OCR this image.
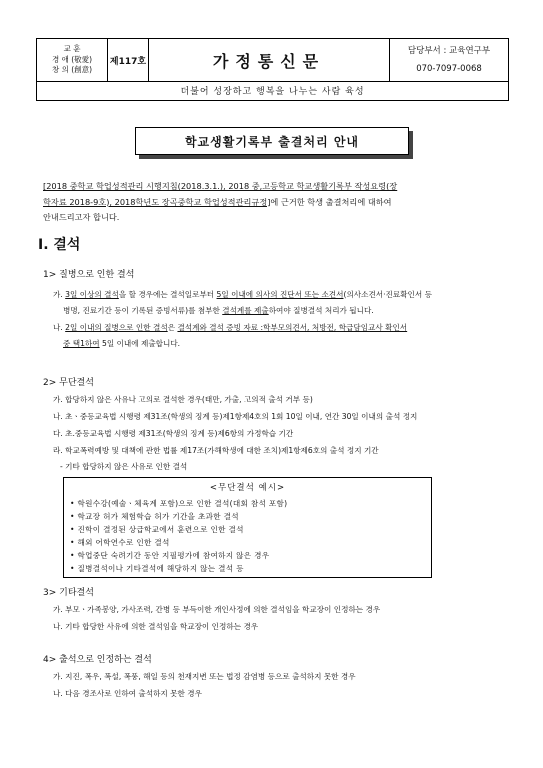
교 훈
경 애 (敬愛)
창 의 (創意)
제117호	가정통신문
담당부서 : 교육연구부
070-7097-0068
더불어 성장하고 행복을 나누는 사람 육성
학교생활기록부 출결처리 안내
[2018 중학교 학업성적관리 시행지침(2018.3.1.), 2018 중,고등학교 학교생활기록부 작성요령(장
학자료 2018-9호), 2018학년도 장곡중학교 학업성적관리규정]에 근거한 학생 출결처리에 대하여
안내드리고자 합니다.
Ⅰ. 결석
1> 질병으로 인한 결석
가. 3일 이상의 결석을 할 경우에는 결석일로부터 5일 이내에 의사의 진단서 또는 소견서(의사소견서·진료확인서 등
병명, 진료기간 등이 기록된 증빙서류)를 첨부한 결석계를 제출하여야 질병결석 처리가 됩니다.
나. 2일 이내의 질병으로 인한 결석은 결석계와 결석 증빙 자료 :학부모의견서, 처방전, 학급담임교사 확인서
중 택1하여 5일 이내에 제출합니다.
2> 무단결석
가. 합당하지 않은 사유나 고의로 결석한 경우(태만, 가출, 고의적 출석 거부 등)
나. 초ㆍ중등교육법 시행령 제31조(학생의 징계 등)제1항제4호의 1회 10일 이내, 연간 30일 이내의 출석 정지
다. 초.중등교육법 시행령 제31조(학생의 징계 등)제6항의 가정학습 기간
라. 학교폭력예방 및 대책에 관한 법률 제17조(가해학생에 대한 조치)제1항제6호의 출석 정지 기간
- 기타 합당하지 않은 사유로 인한 결석
<무단결석 예시>
• 학원수강(예술ㆍ체육계 포함)으로 인한 결석(대회 참석 포함)
• 학교장 허가 체험학습 허가 기간을 초과한 결석
• 진학이 결정된 상급학교에서 훈련으로 인한 결석
• 해외 어학연수로 인한 결석
• 학업중단 숙려기간 동안 지필평가에 참여하지 않은 경우
• 질병결석이나 기타결석에 해당하지 않는 결석 등
3> 기타결석
가. 부모ㆍ가족봉양, 가사조력, 간병 등 부득이한 개인사정에 의한 결석임을 학교장이 인정하는 경우
나. 기타 합당한 사유에 의한 결석임을 학교장이 인정하는 경우
4> 출석으로 인정하는 결석
가. 지진, 폭우, 폭설, 폭풍, 해일 등의 천재지변 또는 법정 감염병 등으로 출석하지 못한 경우
나. 다음 경조사로 인하여 출석하지 못한 경우
